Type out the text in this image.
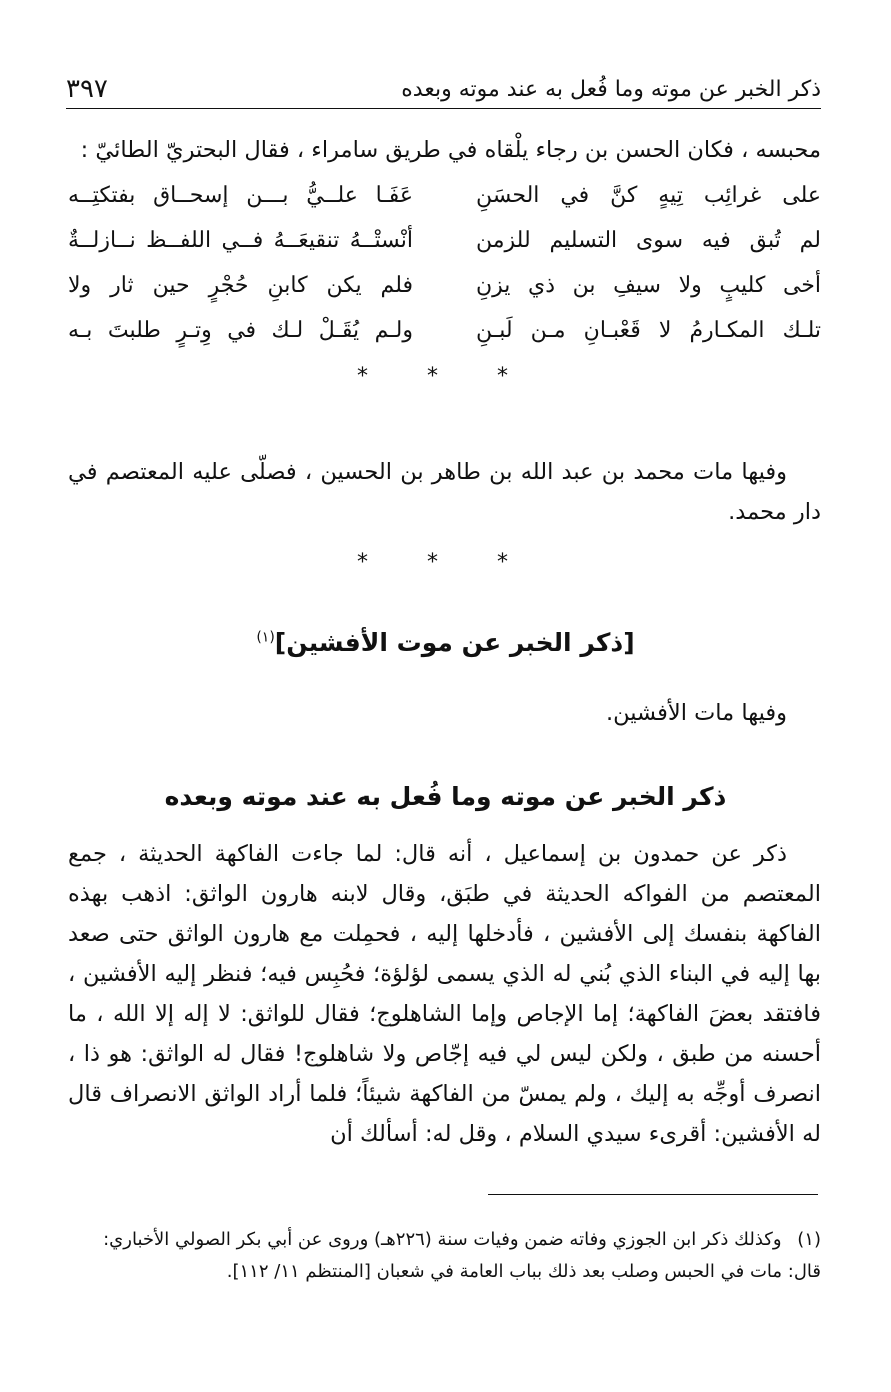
ذكر الخبر عن موته وما فُعل به عند موته وبعده
٣٩٧
محبسه ، فكان الحسن بن رجاء يلْقاه في طريق سامراء ، فقال البحتريّ الطائيّ :
عَفَـا علــيُّ بـــن إسحــاق بفتكتِــه	على غرائِب تِيهٍ كنَّ في الحسَنِ
أنْستْــهُ تنقيعَــهُ فــي اللفــظ نــازلــةٌ	لم تُبق فيه سوى التسليم للزمن
فلم يكن كابنِ حُجْرٍ حين ثار ولا	أخى كليبٍ ولا سيفِ بن ذي يزنِ
ولـم يُقَـلْ لـك في وِتـرٍ طلبتَ بـه	تلـك المكـارمُ لا قَعْبـانِ مـن لَبـنِ
* * *
وفيها مات محمد بن عبد الله بن طاهر بن الحسين ، فصلّى عليه المعتصم في دار محمد.
* * *
[ذكر الخبر عن موت الأفشين]$^{(١)}$
وفيها مات الأفشين.
ذكر الخبر عن موته وما فُعل به عند موته وبعده
ذكر عن حمدون بن إسماعيل ، أنه قال: لما جاءت الفاكهة الحديثة ، جمع المعتصم من الفواكه الحديثة في طبَق، وقال لابنه هارون الواثق: اذهب بهذه الفاكهة بنفسك إلى الأفشين ، فأدخلها إليه ، فحمِلت مع هارون الواثق حتى صعد بها إليه في البناء الذي بُني له الذي يسمى لؤلؤة؛ فحُبِس فيه؛ فنظر إليه الأفشين ، فافتقد بعضَ الفاكهة؛ إما الإجاص وإما الشاهلوج؛ فقال للواثق: لا إله إلا الله ، ما أحسنه من طبق ، ولكن ليس لي فيه إجّاص ولا شاهلوج! فقال له الواثق: هو ذا ، انصرف أوجِّه به إليك ، ولم يمسّ من الفاكهة شيئاً؛ فلما أراد الواثق الانصراف قال له الأفشين: أقرىء سيدي السلام ، وقل له: أسألك أن
(١) وكذلك ذكر ابن الجوزي وفاته ضمن وفيات سنة (٢٢٦هـ) وروى عن أبي بكر الصولي الأخباري: قال: مات في الحبس وصلب بعد ذلك بباب العامة في شعبان [المنتظم ١١/ ١١٢].
